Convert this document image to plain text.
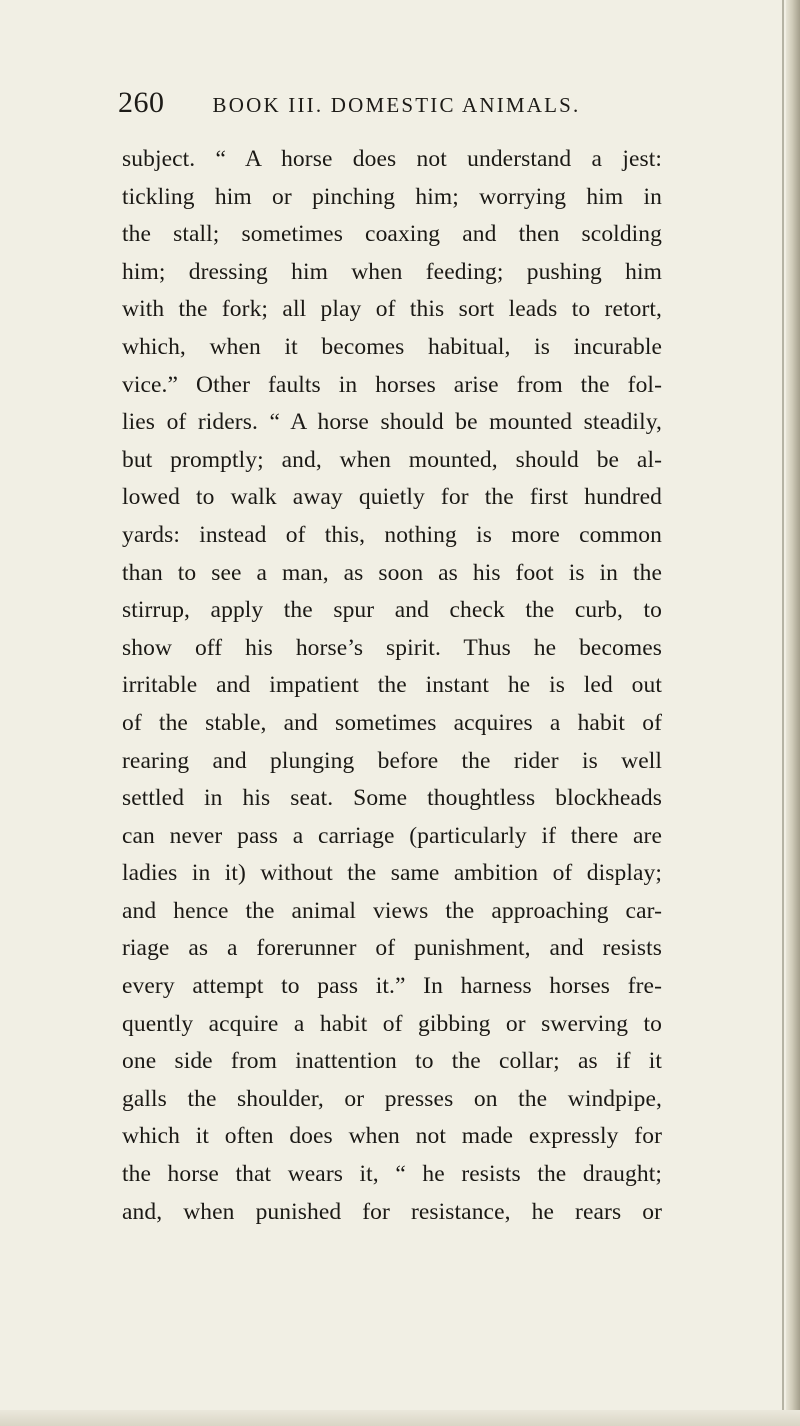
260 BOOK III. DOMESTIC ANIMALS.
subject. “ A horse does not understand a jest:
tickling him or pinching him; worrying him in
the stall; sometimes coaxing and then scolding
him; dressing him when feeding; pushing him
with the fork; all play of this sort leads to retort,
which, when it becomes habitual, is incurable
vice.” Other faults in horses arise from the fol-
lies of riders. “ A horse should be mounted steadily,
but promptly; and, when mounted, should be al-
lowed to walk away quietly for the first hundred
yards: instead of this, nothing is more common
than to see a man, as soon as his foot is in the
stirrup, apply the spur and check the curb, to
show off his horse’s spirit. Thus he becomes
irritable and impatient the instant he is led out
of the stable, and sometimes acquires a habit of
rearing and plunging before the rider is well
settled in his seat. Some thoughtless blockheads
can never pass a carriage (particularly if there are
ladies in it) without the same ambition of display;
and hence the animal views the approaching car-
riage as a forerunner of punishment, and resists
every attempt to pass it.” In harness horses fre-
quently acquire a habit of gibbing or swerving to
one side from inattention to the collar; as if it
galls the shoulder, or presses on the windpipe,
which it often does when not made expressly for
the horse that wears it, “ he resists the draught;
and, when punished for resistance, he rears or
